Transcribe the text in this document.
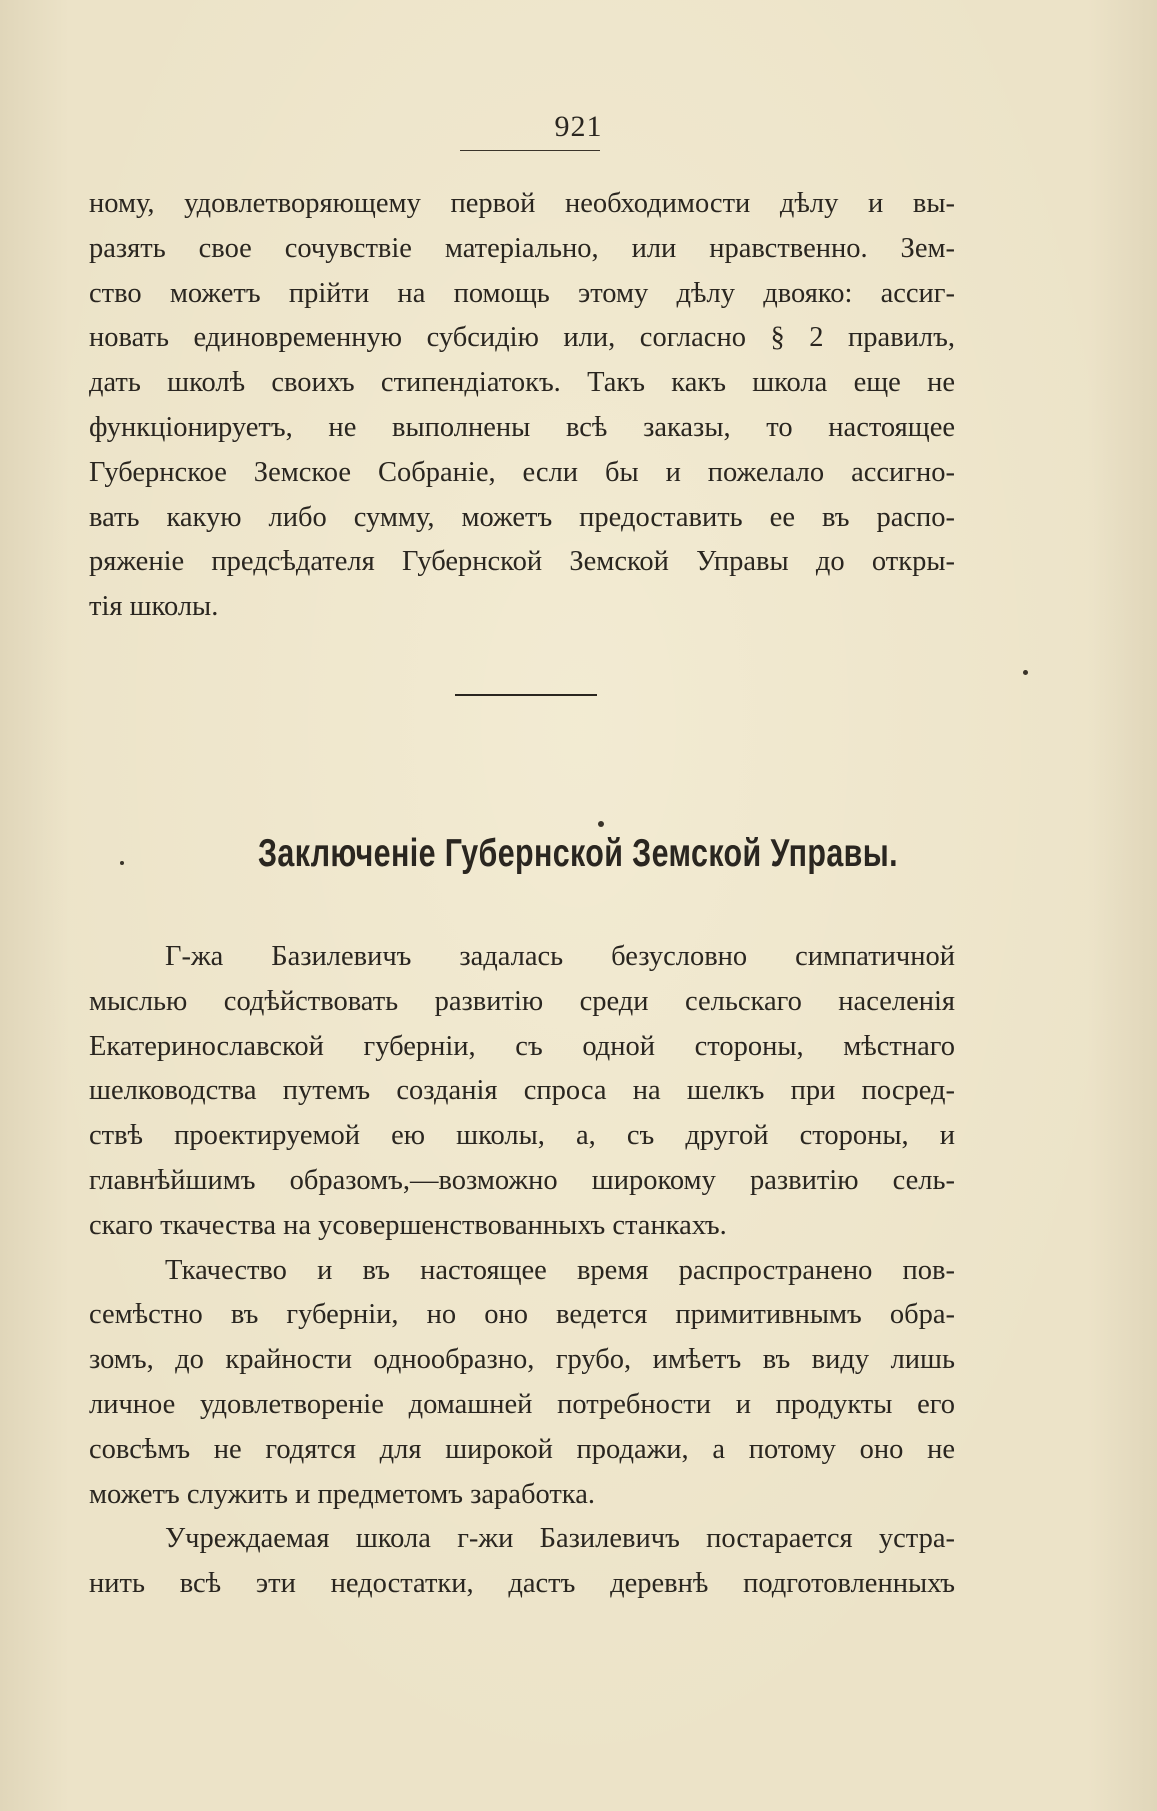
921

ному, удовлетворяющему первой необходимости дѣлу и вы-
разять свое сочувствіе матеріально, или нравственно. Зем-
ство можетъ прійти на помощь этому дѣлу двояко: ассиг-
новать единовременную субсидію или, согласно § 2 правилъ,
дать школѣ своихъ стипендіатокъ. Такъ какъ школа еще не
функціонируетъ, не выполнены всѣ заказы, то настоящее
Губернское Земское Собраніе, если бы и пожелало ассигно-
вать какую либо сумму, можетъ предоставить ее въ распо-
ряженіе предсѣдателя Губернской Земской Управы до откры-
тія школы.

Заключеніе Губернской Земской Управы.

Г-жа Базилевичъ задалась безусловно симпатичной
мыслью содѣйствовать развитію среди сельскаго населенія
Екатеринославской губерніи, съ одной стороны, мѣстнаго
шелководства путемъ созданія спроса на шелкъ при посред-
ствѣ проектируемой ею школы, а, съ другой стороны, и
главнѣйшимъ образомъ,—возможно широкому развитію сель-
скаго ткачества на усовершенствованныхъ станкахъ.

Ткачество и въ настоящее время распространено пов-
семѣстно въ губерніи, но оно ведется примитивнымъ обра-
зомъ, до крайности однообразно, грубо, имѣетъ въ виду лишь
личное удовлетвореніе домашней потребности и продукты его
совсѣмъ не годятся для широкой продажи, а потому оно не
можетъ служить и предметомъ заработка.

Учреждаемая школа г-жи Базилевичъ постарается устра-
нить всѣ эти недостатки, дастъ деревнѣ подготовленныхъ
